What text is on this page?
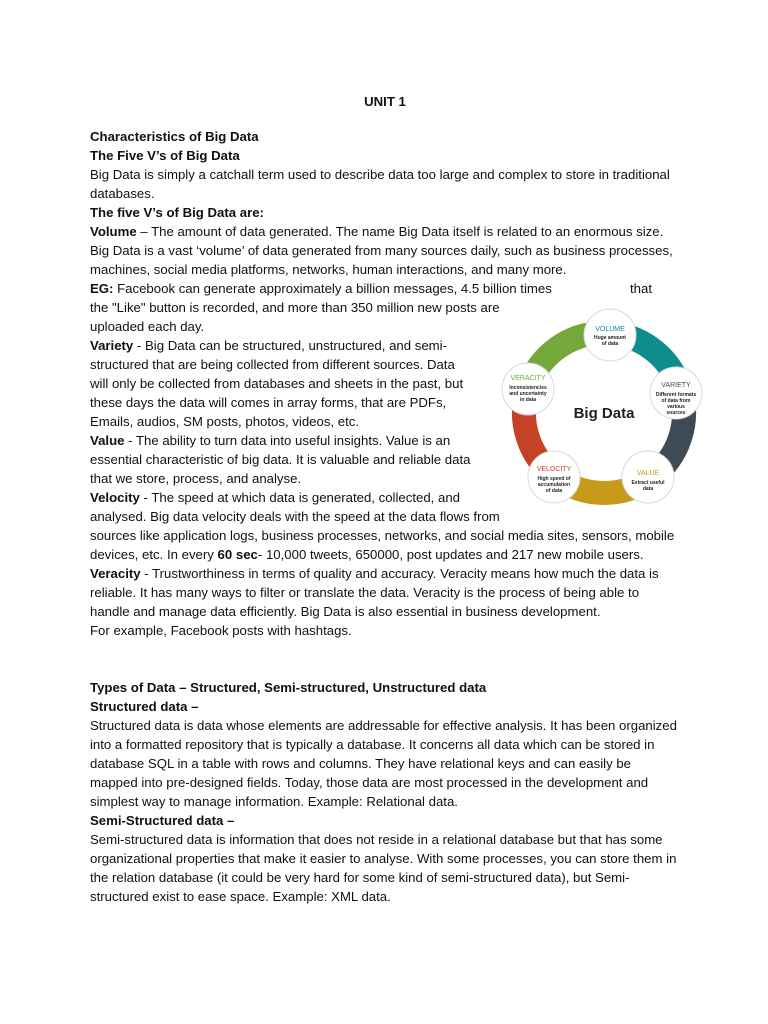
UNIT 1

Characteristics of Big Data

The Five V’s of Big Data

Big Data is simply a catchall term used to describe data too large and complex to store in traditional databases.

The five V’s of Big Data are:

Volume – The amount of data generated. The name Big Data itself is related to an enormous size. Big Data is a vast ‘volume’ of data generated from many sources daily, such as business processes, machines, social media platforms, networks, human interactions, and many more.

EG: Facebook can generate approximately a billion messages, 4.5 billion times	that

the "Like" button is recorded, and more than 350 million new posts are

uploaded each day.

Variety - Big Data can be structured, unstructured, and semi-

structured that are being collected from different sources. Data

will only be collected from databases and sheets in the past, but

these days the data will comes in array forms, that are PDFs,

Emails, audios, SM posts, photos, videos, etc.

Value - The ability to turn data into useful insights. Value is an

essential characteristic of big data. It is valuable and reliable data

that we store, process, and analyse.

Velocity - The speed at which data is generated, collected, and

analysed. Big data velocity deals with the speed at the data flows from

sources like application logs, business processes, networks, and social media sites, sensors, mobile devices, etc. In every 60 sec- 10,000 tweets, 650000, post updates and 217 new mobile users.

Veracity - Trustworthiness in terms of quality and accuracy. Veracity means how much the data is reliable. It has many ways to filter or translate the data. Veracity is the process of being able to handle and manage data efficiently. Big Data is also essential in business development.

For example, Facebook posts with hashtags.

Types of Data – Structured, Semi-structured, Unstructured data

Structured data –

Structured data is data whose elements are addressable for effective analysis. It has been organized into a formatted repository that is typically a database. It concerns all data which can be stored in database SQL in a table with rows and columns. They have relational keys and can easily be mapped into pre-designed fields. Today, those data are most processed in the development and simplest way to manage information. Example: Relational data.

Semi-Structured data –

Semi-structured data is information that does not reside in a relational database but that has some organizational properties that make it easier to analyse. With some processes, you can store them in the relation database (it could be very hard for some kind of semi-structured data), but Semi-structured exist to ease space. Example: XML data.

Big Data
VOLUME
Huge amount
of data
VARIETY
Different formats
of data from
various
sources
VALUE
Extract useful
data
VELOCITY
High speed of
accumulation
of data
VERACITY
Inconsistencies
and uncertainty
in data
